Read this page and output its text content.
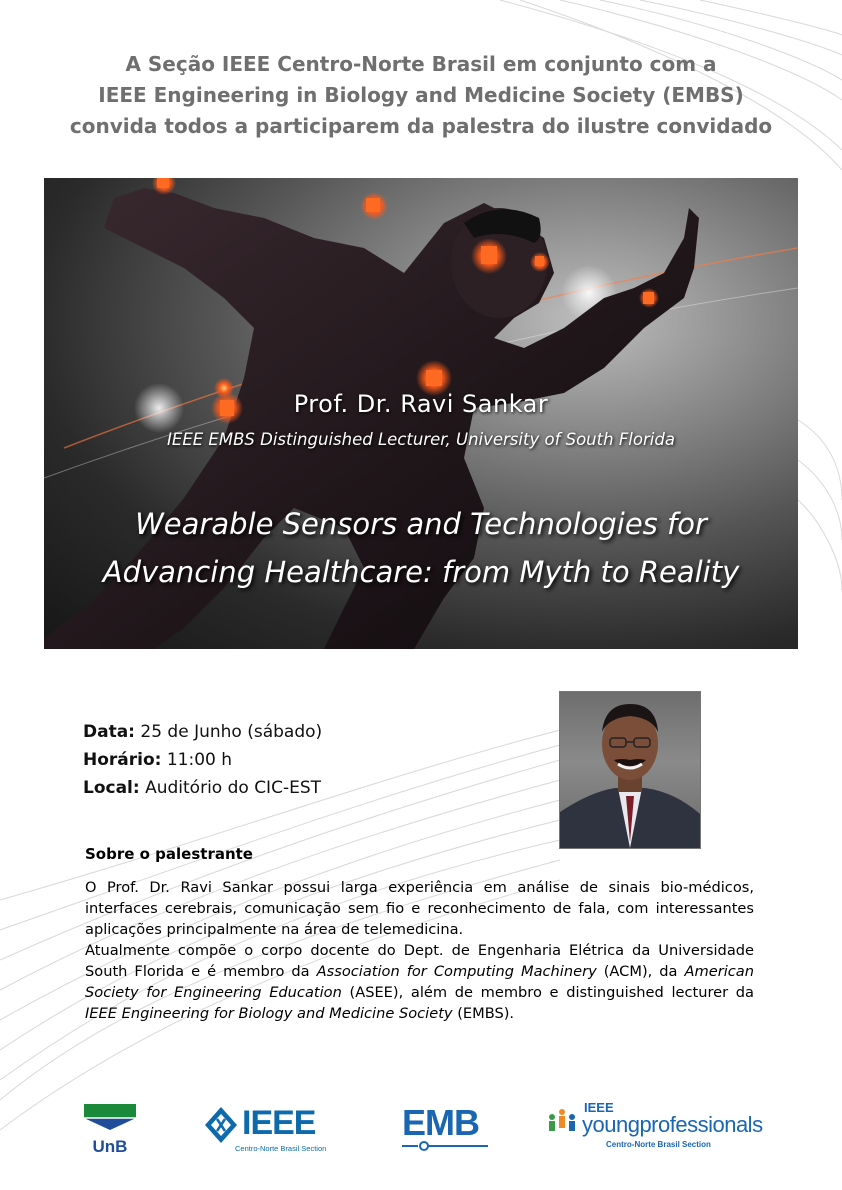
A Seção IEEE Centro-Norte Brasil em conjunto com a
IEEE Engineering in Biology and Medicine Society (EMBS)
convida todos a participarem da palestra do ilustre convidado
Prof. Dr. Ravi Sankar
IEEE EMBS Distinguished Lecturer, University of South Florida
Wearable Sensors and Technologies for
Advancing Healthcare: from Myth to Reality
Data: 25 de Junho (sábado)
Horário: 11:00 h
Local: Auditório do CIC-EST
Sobre o palestrante

O Prof. Dr. Ravi Sankar possui larga experiência em análise de sinais bio-médicos, interfaces cerebrais, comunicação sem fio e reconhecimento de fala, com interessantes aplicações principalmente na área de telemedicina.

Atualmente compõe o corpo docente do Dept. de Engenharia Elétrica da Universidade South Florida e é membro da Association for Computing Machinery (ACM), da American Society for Engineering Education (ASEE), além de membro e distinguished lecturer da IEEE Engineering for Biology and Medicine Society (EMBS).

UnB
IEEE
Centro-Norte Brasil Section
EMB	IEEE
youngprofessionals
Centro-Norte Brasil Section
